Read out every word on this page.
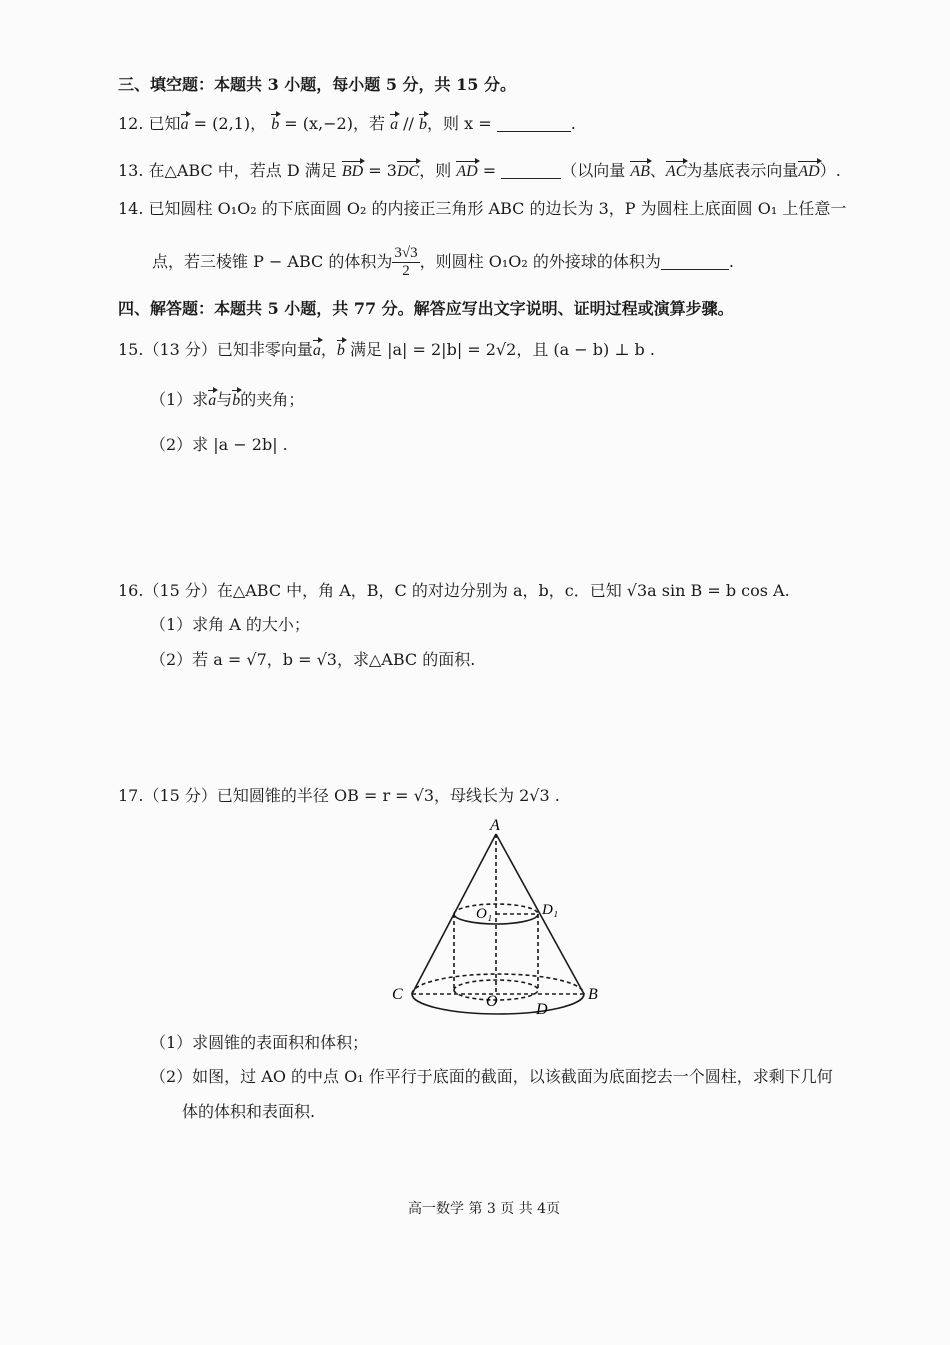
三、填空题：本题共 3 小题，每小题 5 分，共 15 分。
12. 已知a = (2,1)， b = (x,−2)，若 a // b，则 x =	.
13. 在△ABC 中，若点 D 满足 BD = 3DC，则 AD =	（以向量 AB、AC为基底表示向量AD）.
14. 已知圆柱 O₁O₂ 的下底面圆 O₂ 的内接正三角形 ABC 的边长为 3，P 为圆柱上底面圆 O₁ 上任意一
点，若三棱锥 P − ABC 的体积为 $\frac{3√3}{2}$ ，则圆柱 O₁O₂ 的外接球的体积为	.
四、解答题：本题共 5 小题，共 77 分。解答应写出文字说明、证明过程或演算步骤。
15.（13 分）已知非零向量a，b 满足 |a| = 2|b| = 2√2，且 (a − b) ⊥ b .
（1）求a与b的夹角；
（2）求 |a − 2b| .
16.（15 分）在△ABC 中，角 A，B，C 的对边分别为 a，b，c．已知 √3a sin B = b cos A.
（1）求角 A 的大小；
（2）若 a = √7，b = √3，求△ABC 的面积.
17.（15 分）已知圆锥的半径 OB = r = √3，母线长为 2√3 .
A
B
C	O
O₁
D
D₁
（1）求圆锥的表面积和体积；
（2）如图，过 AO 的中点 O₁ 作平行于底面的截面，以该截面为底面挖去一个圆柱，求剩下几何
体的体积和表面积.
高一数学 第 3 页 共 4页
